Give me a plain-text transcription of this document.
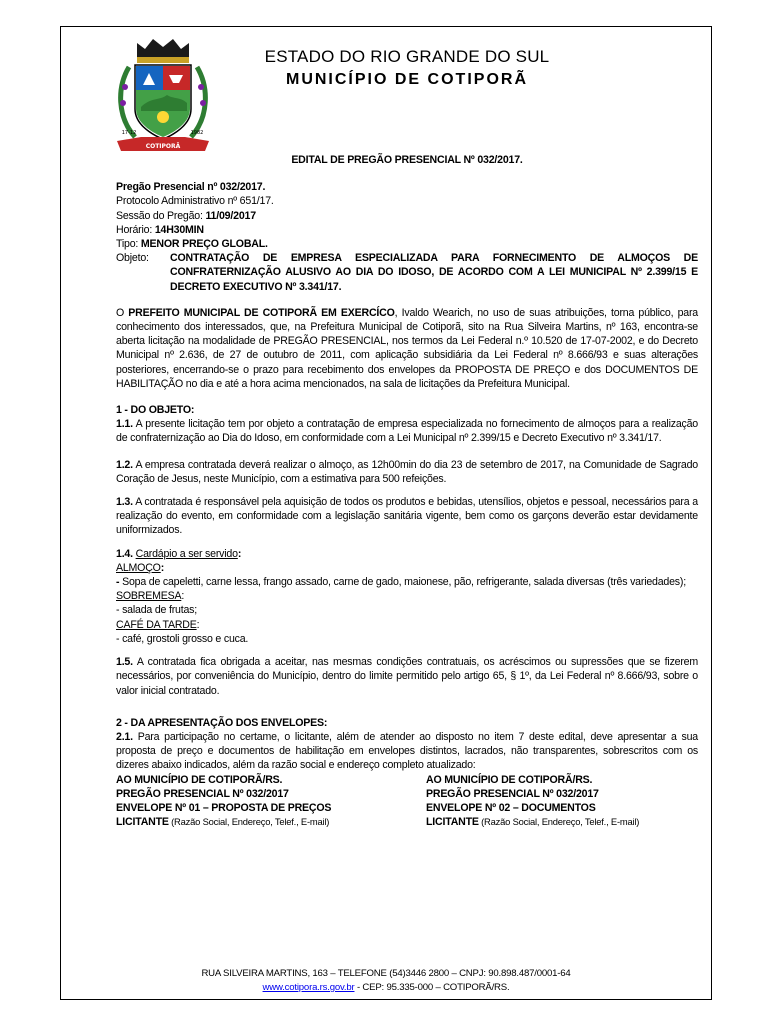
COTIPORÃ
17-12	1982
ESTADO DO RIO GRANDE DO SUL
MUNICÍPIO DE COTIPORÃ

EDITAL DE PREGÃO PRESENCIAL Nº 032/2017.

Pregão Presencial nº 032/2017.

Protocolo Administrativo nº 651/17.

Sessão do Pregão: 11/09/2017

Horário: 14H30MIN

Tipo: MENOR PREÇO GLOBAL.

Objeto:	CONTRATAÇÃO DE EMPRESA ESPECIALIZADA PARA FORNECIMENTO DE ALMOÇOS DE CONFRATERNIZAÇÃO ALUSIVO AO DIA DO IDOSO, DE ACORDO COM A LEI MUNICIPAL Nº 2.399/15 E DECRETO EXECUTIVO Nº 3.341/17.

O PREFEITO MUNICIPAL DE COTIPORÃ EM EXERCÍCO, Ivaldo Wearich, no uso de suas atribuições, torna público, para conhecimento dos interessados, que, na Prefeitura Municipal de Cotiporã, sito na Rua Silveira Martins, nº 163, encontra-se aberta licitação na modalidade de PREGÃO PRESENCIAL, nos termos da Lei Federal n.º 10.520 de 17-07-2002, e do Decreto Municipal nº 2.636, de 27 de outubro de 2011, com aplicação subsidiária da Lei Federal nº 8.666/93 e suas alterações posteriores, encerrando-se o prazo para recebimento dos envelopes da PROPOSTA DE PREÇO e dos DOCUMENTOS DE HABILITAÇÃO no dia e até a hora acima mencionados, na sala de licitações da Prefeitura Municipal.

1 - DO OBJETO:

1.1. A presente licitação tem por objeto a contratação de empresa especializada no fornecimento de almoços para a realização de confraternização ao Dia do Idoso, em conformidade com a Lei Municipal nº 2.399/15 e Decreto Executivo nº 3.341/17.

1.2. A empresa contratada deverá realizar o almoço, as 12h00min do dia 23 de setembro de 2017, na Comunidade de Sagrado Coração de Jesus, neste Município, com a estimativa para 500 refeições.

1.3. A contratada é responsável pela aquisição de todos os produtos e bebidas, utensílios, objetos e pessoal, necessários para a realização do evento, em conformidade com a legislação sanitária vigente, bem como os garçons deverão estar devidamente uniformizados.

1.4. Cardápio a ser servido:

ALMOÇO:

- Sopa de capeletti, carne lessa, frango assado, carne de gado, maionese, pão, refrigerante, salada diversas (três variedades);

SOBREMESA:

- salada de frutas;

CAFÉ DA TARDE:

- café, grostoli grosso e cuca.

1.5. A contratada fica obrigada a aceitar, nas mesmas condições contratuais, os acréscimos ou supressões que se fizerem necessários, por conveniência do Município, dentro do limite permitido pelo artigo 65, § 1º, da Lei Federal nº 8.666/93, sobre o valor inicial contratado.

2 - DA APRESENTAÇÃO DOS ENVELOPES:

2.1. Para participação no certame, o licitante, além de atender ao disposto no item 7 deste edital, deve apresentar a sua proposta de preço e documentos de habilitação em envelopes distintos, lacrados, não transparentes, sobrescritos com os dizeres abaixo indicados, além da razão social e endereço completo atualizado:

AO MUNICÍPIO DE COTIPORÃ/RS.
PREGÃO PRESENCIAL Nº 032/2017
ENVELOPE Nº 01 – PROPOSTA DE PREÇOS
LICITANTE (Razão Social, Endereço, Telef., E-mail)
AO MUNICÍPIO DE COTIPORÃ/RS.
PREGÃO PRESENCIAL Nº 032/2017
ENVELOPE Nº 02 – DOCUMENTOS
LICITANTE (Razão Social, Endereço, Telef., E-mail)
RUA SILVEIRA MARTINS, 163 – TELEFONE (54)3446 2800 – CNPJ: 90.898.487/0001-64
www.cotipora.rs.gov.br - CEP: 95.335-000 – COTIPORÃ/RS.
